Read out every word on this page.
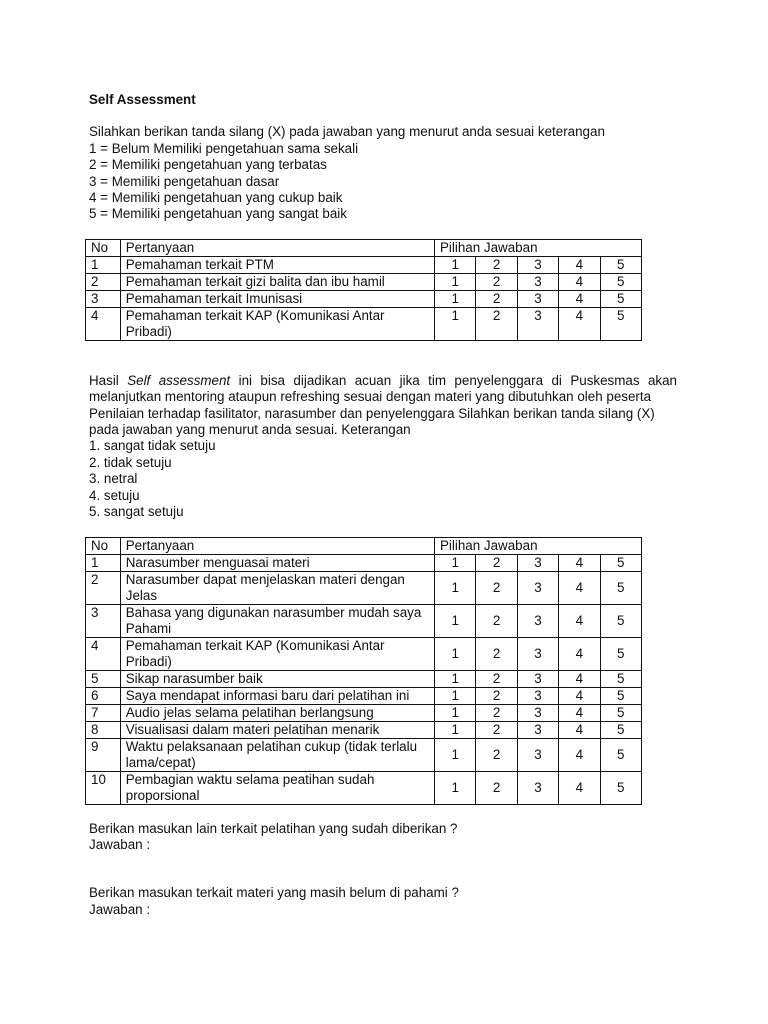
Self Assessment

Silahkan berikan tanda silang (X) pada jawaban yang menurut anda sesuai keterangan

1 = Belum Memiliki pengetahuan sama sekali

2 = Memiliki pengetahuan yang terbatas

3 = Memiliki pengetahuan dasar

4 = Memiliki pengetahuan yang cukup baik

5 = Memiliki pengetahuan yang sangat baik

No	Pertanyaan	Pilihan Jawaban				
1	Pemahaman terkait PTM	1	2	3	4	5
2	Pemahaman terkait gizi balita dan ibu hamil	1	2	3	4	5
3	Pemahaman terkait Imunisasi	1	2	3	4	5
4	Pemahaman terkait KAP (Komunikasi Antar Pribadi)	1	2	3	4	5

Hasil Self assessment ini bisa dijadikan acuan jika tim penyelenggara di Puskesmas akan melanjutkan mentoring ataupun refreshing sesuai dengan materi yang dibutuhkan oleh peserta

Penilaian terhadap fasilitator, narasumber dan penyelenggara Silahkan berikan tanda silang (X)

pada jawaban yang menurut anda sesuai. Keterangan

1. sangat tidak setuju

2. tidak setuju

3. netral

4. setuju

5. sangat setuju

No	Pertanyaan	Pilihan Jawaban				
1	Narasumber menguasai materi	1	2	3	4	5
2	Narasumber dapat menjelaskan materi dengan Jelas	1	2	3	4	5
3	Bahasa yang digunakan narasumber mudah saya Pahami	1	2	3	4	5
4	Pemahaman terkait KAP (Komunikasi Antar Pribadi)	1	2	3	4	5
5	Sikap narasumber baik	1	2	3	4	5
6	Saya mendapat informasi baru dari pelatihan ini	1	2	3	4	5
7	Audio jelas selama pelatihan berlangsung	1	2	3	4	5
8	Visualisasi dalam materi pelatihan menarik	1	2	3	4	5
9	Waktu pelaksanaan pelatihan cukup (tidak terlalu lama/cepat)	1	2	3	4	5
10	Pembagian waktu selama peatihan sudah proporsional	1	2	3	4	5

Berikan masukan lain terkait pelatihan yang sudah diberikan ?

Jawaban :

Berikan masukan terkait materi yang masih belum di pahami ?

Jawaban :
